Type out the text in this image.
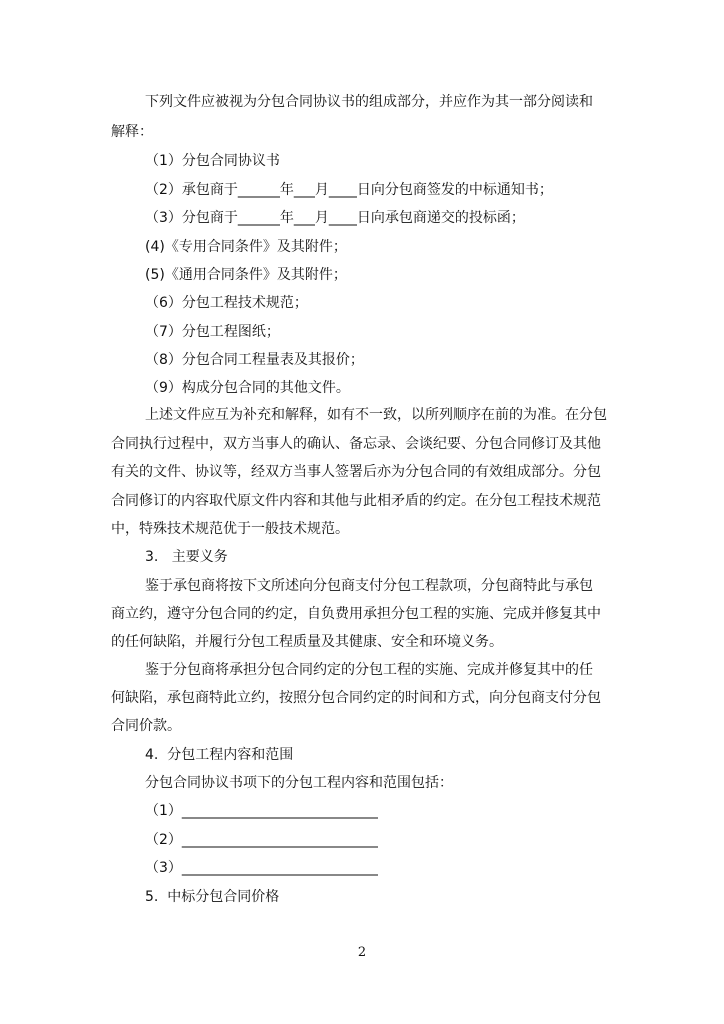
下列文件应被视为分包合同协议书的组成部分，并应作为其一部分阅读和
解释：
（1）分包合同协议书
（2）承包商于______年___月____日向分包商签发的中标通知书；
（3）分包商于______年___月____日向承包商递交的投标函；
(4)《专用合同条件》及其附件；
(5)《通用合同条件》及其附件；
（6）分包工程技术规范；
（7）分包工程图纸；
（8）分包合同工程量表及其报价；
（9）构成分包合同的其他文件。
上述文件应互为补充和解释，如有不一致，以所列顺序在前的为准。在分包
合同执行过程中，双方当事人的确认、备忘录、会谈纪要、分包合同修订及其他
有关的文件、协议等，经双方当事人签署后亦为分包合同的有效组成部分。分包
合同修订的内容取代原文件内容和其他与此相矛盾的约定。在分包工程技术规范
中，特殊技术规范优于一般技术规范。
3.   主要义务
鉴于承包商将按下文所述向分包商支付分包工程款项，分包商特此与承包
商立约，遵守分包合同的约定，自负费用承担分包工程的实施、完成并修复其中
的任何缺陷，并履行分包工程质量及其健康、安全和环境义务。
鉴于分包商将承担分包合同约定的分包工程的实施、完成并修复其中的任
何缺陷，承包商特此立约，按照分包合同约定的时间和方式，向分包商支付分包
合同价款。
4.  分包工程内容和范围
分包合同协议书项下的分包工程内容和范围包括：
（1）____________________________
（2）____________________________
（3）____________________________
5.  中标分包合同价格
2
